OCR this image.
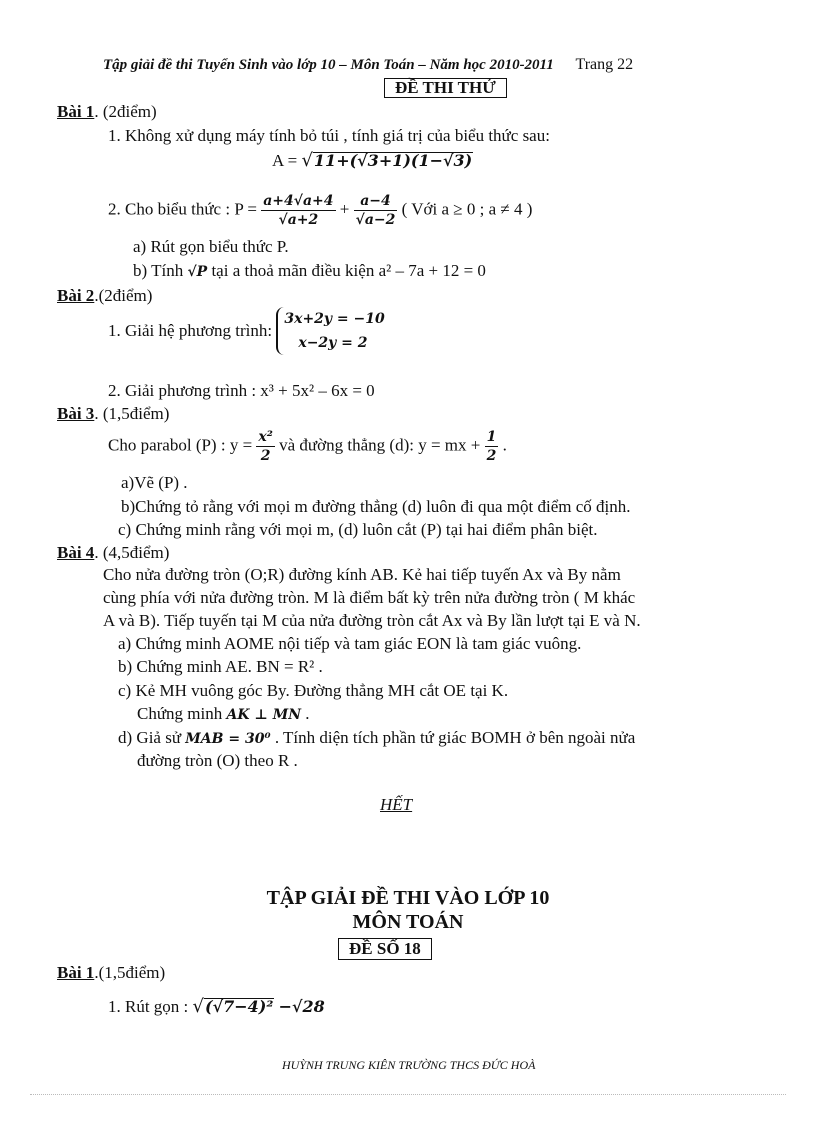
Tập giải đề thi Tuyển Sinh vào lớp 10 – Môn Toán – Năm học 2010-2011 Trang 22
ĐỀ THI THỬ
Bài 1. (2điểm)
1. Không xử dụng máy tính bỏ túi , tính giá trị của biểu thức sau:
A = √11+(√3+1)(1−√3)
2. Cho biểu thức : $P = \frac{a+4√a+4}{√a+2} + \frac{a-4}{√a-2}$ ( Với a ≥ 0 ; a ≠ 4 )
a) Rút gọn biểu thức P.
b) Tính √P tại a thoả mãn điều kiện a² – 7a + 12 = 0
Bài 2.(2điểm)
1. Giải hệ phương trình:
3x+2y = −10
x−2y = 2
2. Giải phương trình : x³ + 5x² – 6x = 0
Bài 3. (1,5điểm)
Cho parabol (P) : $y = \frac{\text{x²}}{2}$ và đường thẳng (d): y = mx + $\frac{1}{2}$ .
a)Vẽ (P) .
b)Chứng tỏ rằng với mọi m đường thẳng (d) luôn đi qua một điểm cố định.
c) Chứng minh rằng với mọi m, (d) luôn cắt (P) tại hai điểm phân biệt.
Bài 4. (4,5điểm)
Cho nửa đường tròn (O;R) đường kính AB. Kẻ hai tiếp tuyến Ax và By nằm
cùng phía với nửa đường tròn. M là điểm bất kỳ trên nửa đường tròn ( M khác
A và B). Tiếp tuyến tại M của nửa đường tròn cắt Ax và By lần lượt tại E và N.
a) Chứng minh AOME nội tiếp và tam giác EON là tam giác vuông.
b) Chứng minh AE. BN = R² .
c) Kẻ MH vuông góc By. Đường thẳng MH cắt OE tại K.
Chứng minh AK ⊥ MN .
d) Giả sử MAB = 30⁰ . Tính diện tích phần tứ giác BOMH ở bên ngoài nửa
đường tròn (O) theo R .
HẾT
TẬP GIẢI ĐỀ THI VÀO LỚP 10
MÔN TOÁN
ĐỀ SỐ 18
Bài 1.(1,5điểm)
1. Rút gọn : √(√7−4)² −√28
HUỲNH TRUNG KIÊN TRƯỜNG THCS ĐỨC HOÀ
